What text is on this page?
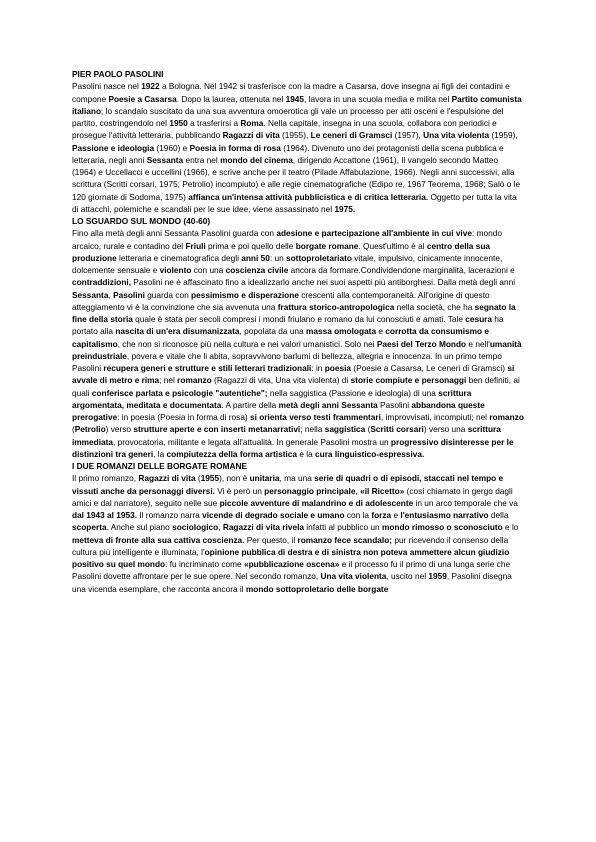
PIER PAOLO PASOLINI

Pasolini nasce nel 1922 a Bologna. Nel 1942 si trasferisce con la madre a Casarsa, dove insegna ai figli dei contadini e compone Poesie a Casarsa. Dopo la laurea, ottenuta nel 1945, lavora in una scuola media e milita nel Partito comunista italiano; lo scandalo suscitato da una sua avventura omoerotica gli vale un processo per atti osceni e l'espulsione del partito, costringendolo nel 1950 a trasferirsi a Roma. Nella capitale, insegna in una scuola, collabora con periodici e prosegue l'attività letteraria, pubblicando Ragazzi di vita (1955), Le ceneri di Gramsci (1957), Una vita violenta (1959), Passione e ideologia (1960) e Poesia in forma di rosa (1964). Divenuto uno dei protagonisti della scena pubblica e letteraria, negli anni Sessanta entra nel mondo del cinema, dirigendo Accattone (1961), Il vangelo secondo Matteo (1964) e Uccellacci e uccellini (1966), e scrive anche per il teatro (Pilade Affabulazione, 1966). Negli anni successivi, alla scrittura (Scritti corsari, 1975; Petrolio) incompiuto) e alle regie cinematografiche (Edipo re, 1967 Teorema, 1968; Salò o le 120 giornate di Sodoma, 1975) affianca un'intensa attività pubblicistica e di critica letteraria. Oggetto per tutta la vita di attacchi, polemiche e scandali per le sue idee, viene assassinato nel 1975.

LO SGUARDO SUL MONDO (40-60)

Fino alla metà degli anni Sessanta Pasolini guarda con adesione e partecipazione all'ambiente in cui vive: mondo arcaico, rurale e contadino del Friuli prima e poi quello delle borgate romane. Quest'ultimo è al centro della sua produzione letteraria e cinematografica degli anni 50: un sottoproletariato vitale, impulsivo, cinicamente innocente, dolcemente sensuale e violento con una coscienza civile ancora da formare.Condividendone marginalità, lacerazioni e contraddizioni, Pasolini ne è affascinato fino a idealizzarlo anche nei suoi aspetti più antiborghesi. Dalla metà degli anni Sessanta, Pasolini guarda con pessimismo e disperazione crescenti alla contemporaneità. All'origine di questo atteggiamento vi è la convinzione che sia avvenuta una frattura storico-antropologica nella società, che ha segnato la fine della storia quale è stata per secoli compresi i mondi friulano e romano da lui conosciuti e amati. Tale cesura ha portato alla nascita di un'era disumanizzata, popolata da una massa omologata e corrotta da consumismo e capitalismo, che non si riconosce più nella cultura e nei valori umanistici. Solo nei Paesi del Terzo Mondo e nell'umanità preindustriale, povera e vitale che li abita, sopravvivono barlumi di bellezza, allegria e innocenza. In un primo tempo Pasolini recupera generi e strutture e stili letterari tradizionali: in poesia (Poesie a Casarsa, Le ceneri di Gramsci) si avvale di metro e rima; nel romanzo (Ragazzi di vita, Una vita violenta) di storie compiute e personaggi ben definiti, ai quali conferisce parlata e psicologie "autentiche"; nella saggistica (Passione e ideologia) di una scrittura argomentata, meditata e documentata. A partire della metà degli anni Sessanta Pasolini abbandona queste prerogative: in poesia (Poesia in forma di rosa) si orienta verso testi frammentari, improvvisati, incompiuti; nel romanzo (Petrolio) verso strutture aperte e con inserti metanarrativi; nella saggistica (Scritti corsari) verso una scrittura immediata, provocatoria, militante e legata all'attualità. In generale Pasolini mostra un progressivo disinteresse per le distinzioni tra generi, la compiutezza della forma artistica e la cura linguistico-espressiva.

I DUE ROMANZI DELLE BORGATE ROMANE

Il primo romanzo, Ragazzi di vita (1955), non è unitaria, ma una serie di quadri o di episodi, staccati nel tempo e vissuti anche da personaggi diversi. Vi è però un personaggio principale, «il Ricetto» (così chiamato in gergo dagli amici e dal narratore), seguito nelle sue piccole avventure di malandrino e di adolescente in un arco temporale che va dal 1943 al 1953. Il romanzo narra vicende di degrado sociale e umano con la forza e l'entusiasmo narrativo della scoperta. Anche sul piano sociologico, Ragazzi di vita rivela infatti al pubblico un mondo rimosso o sconosciuto e lo metteva di fronte alla sua cattiva coscienza. Per questo, il romanzo fece scandalo; pur ricevendo il consenso della cultura più intelligente e illuminata, l'opinione pubblica di destra e di sinistra non poteva ammettere alcun giudizio positivo su quel mondo: fu incriminato come «pubblicazione oscena» e il processo fu il primo di una lunga serie che Pasolini dovette affrontare per le sue opere. Nel secondo romanzo, Una vita violenta, uscito nel 1959, Pasolini disegna una vicenda esemplare, che racconta ancora il mondo sottoproletario delle borgate
